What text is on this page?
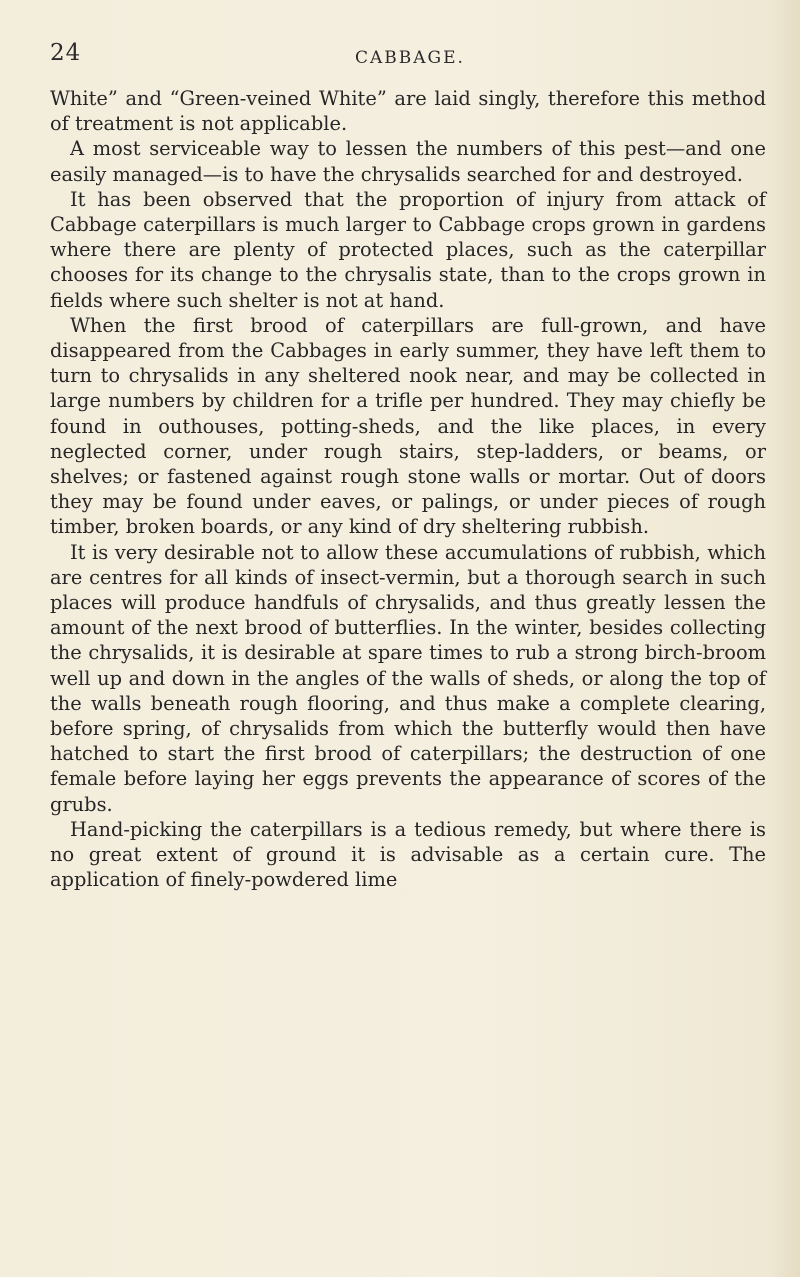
24	CABBAGE.

White” and “Green-veined White” are laid singly, therefore this method of treatment is not applicable.

A most serviceable way to lessen the numbers of this pest—and one easily managed—is to have the chrysalids searched for and destroyed.

It has been observed that the proportion of injury from attack of Cabbage caterpillars is much larger to Cabbage crops grown in gardens where there are plenty of protected places, such as the caterpillar chooses for its change to the chrysalis state, than to the crops grown in fields where such shelter is not at hand.

When the first brood of caterpillars are full-grown, and have disappeared from the Cabbages in early summer, they have left them to turn to chrysalids in any sheltered nook near, and may be collected in large numbers by children for a trifle per hundred. They may chiefly be found in outhouses, potting-sheds, and the like places, in every neglected corner, under rough stairs, step-ladders, or beams, or shelves; or fastened against rough stone walls or mortar. Out of doors they may be found under eaves, or palings, or under pieces of rough timber, broken boards, or any kind of dry sheltering rubbish.

It is very desirable not to allow these accumulations of rubbish, which are centres for all kinds of insect-vermin, but a thorough search in such places will produce handfuls of chrysalids, and thus greatly lessen the amount of the next brood of butterflies. In the winter, besides collecting the chrysalids, it is desirable at spare times to rub a strong birch-broom well up and down in the angles of the walls of sheds, or along the top of the walls beneath rough flooring, and thus make a complete clearing, before spring, of chrysalids from which the butterfly would then have hatched to start the first brood of caterpillars; the destruction of one female before laying her eggs prevents the appearance of scores of the grubs.

Hand-picking the caterpillars is a tedious remedy, but where there is no great extent of ground it is advisable as a certain cure. The application of finely-powdered lime
